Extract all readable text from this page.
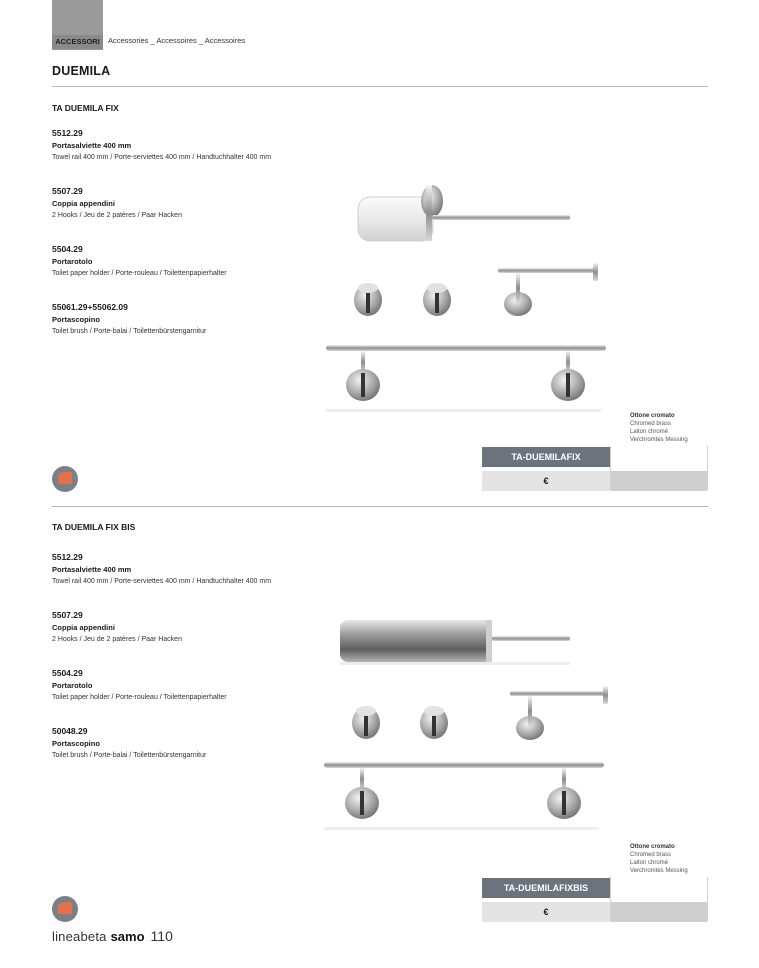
ACCESSORI	Accessories _ Accessoires _ Accessoires
DUEMILA
TA DUEMILA FIX
5512.29
Portasalviette 400 mm
Towel rail 400 mm / Porte-serviettes 400 mm / Handtuchhalter 400 mm
5507.29
Coppia appendini
2 Hooks / Jeu de 2 patères / Paar Hacken
5504.29
Portarotolo
Toilet paper holder / Porte-rouleau / Toilettenpapierhalter
55061.29+55062.09
Portascopino
Toilet brush / Porte-balai / Toilettenbürstengarnitur
Ottone cromato
Chromed brass
Laiton chromé
Verchromtes Messing
TA-DUEMILAFIX
€
TA DUEMILA FIX BIS
5512.29
Portasalviette 400 mm
Towel rail 400 mm / Porte-serviettes 400 mm / Handtuchhalter 400 mm
5507.29
Coppia appendini
2 Hooks / Jeu de 2 patères / Paar Hacken
5504.29
Portarotolo
Toilet paper holder / Porte-rouleau / Toilettenpapierhalter
50048.29
Portascopino
Toilet brush / Porte-balai / Toilettenbürstengarnitur
Ottone cromato
Chromed brass
Laiton chromé
Verchromtes Messing
TA-DUEMILAFIXBIS
€
lineabeta samo 110
